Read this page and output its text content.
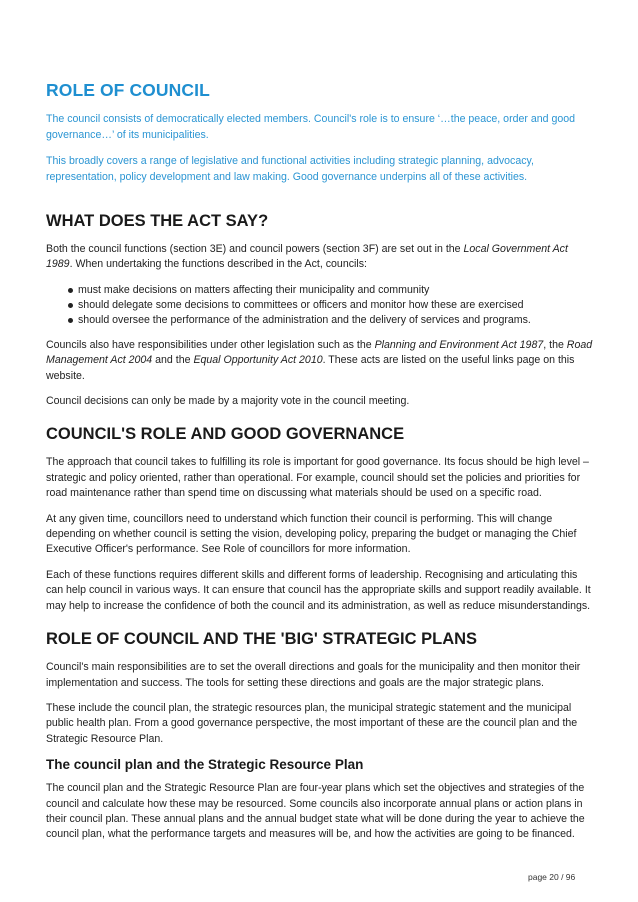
ROLE OF COUNCIL

The council consists of democratically elected members. Council's role is to ensure ‘…the peace, order and good governance…’ of its municipalities.

This broadly covers a range of legislative and functional activities including strategic planning, advocacy, representation, policy development and law making. Good governance underpins all of these activities.

WHAT DOES THE ACT SAY?

Both the council functions (section 3E) and council powers (section 3F) are set out in the Local Government Act 1989. When undertaking the functions described in the Act, councils:

must make decisions on matters affecting their municipality and community
should delegate some decisions to committees or officers and monitor how these are exercised
should oversee the performance of the administration and the delivery of services and programs.

Councils also have responsibilities under other legislation such as the Planning and Environment Act 1987, the Road Management Act 2004 and the Equal Opportunity Act 2010. These acts are listed on the useful links page on this website.

Council decisions can only be made by a majority vote in the council meeting.

COUNCIL'S ROLE AND GOOD GOVERNANCE

The approach that council takes to fulfilling its role is important for good governance. Its focus should be high level – strategic and policy oriented, rather than operational. For example, council should set the policies and priorities for road maintenance rather than spend time on discussing what materials should be used on a specific road.

At any given time, councillors need to understand which function their council is performing. This will change depending on whether council is setting the vision, developing policy, preparing the budget or managing the Chief Executive Officer's performance. See Role of councillors for more information.

Each of these functions requires different skills and different forms of leadership. Recognising and articulating this can help council in various ways. It can ensure that council has the appropriate skills and support readily available. It may help to increase the confidence of both the council and its administration, as well as reduce misunderstandings.

ROLE OF COUNCIL AND THE 'BIG' STRATEGIC PLANS

Council's main responsibilities are to set the overall directions and goals for the municipality and then monitor their implementation and success. The tools for setting these directions and goals are the major strategic plans.

These include the council plan, the strategic resources plan, the municipal strategic statement and the municipal public health plan. From a good governance perspective, the most important of these are the council plan and the Strategic Resource Plan.

The council plan and the Strategic Resource Plan

The council plan and the Strategic Resource Plan are four-year plans which set the objectives and strategies of the council and calculate how these may be resourced. Some councils also incorporate annual plans or action plans in their council plan. These annual plans and the annual budget state what will be done during the year to achieve the council plan, what the performance targets and measures will be, and how the activities are going to be financed.

page 20 / 96
